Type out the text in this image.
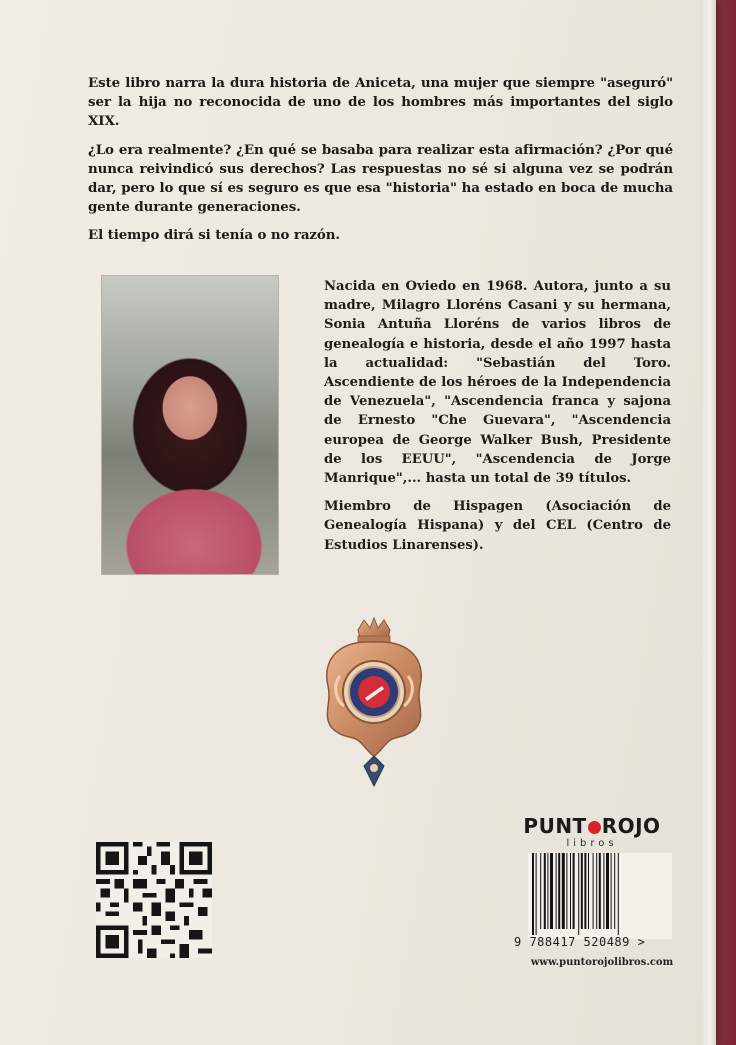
Este libro narra la dura historia de Aniceta, una mujer que siempre "aseguró" ser la hija no reconocida de uno de los hombres más importantes del siglo XIX.

¿Lo era realmente? ¿En qué se basaba para realizar esta afirmación? ¿Por qué nunca reivindicó sus derechos? Las respuestas no sé si alguna vez se podrán dar, pero lo que sí es seguro es que esa "historia" ha estado en boca de mucha gente durante generaciones.

El tiempo dirá si tenía o no razón.

Nacida en Oviedo en 1968. Autora, junto a su madre, Milagro Lloréns Casani y su hermana, Sonia Antuña Lloréns de varios libros de genealogía e historia, desde el año 1997 hasta la actualidad: "Sebastián del Toro. Ascendiente de los héroes de la Independencia de Venezuela", "Ascendencia franca y sajona de Ernesto "Che Guevara", "Ascendencia europea de George Walker Bush, Presidente de los EEUU", "Ascendencia de Jorge Manrique",... hasta un total de 39 títulos.

Miembro de Hispagen (Asociación de Genealogía Hispana) y del CEL (Centro de Estudios Linarenses).

PUNT ROJO
libros
9 788417 520489 >
www.puntorojolibros.com
